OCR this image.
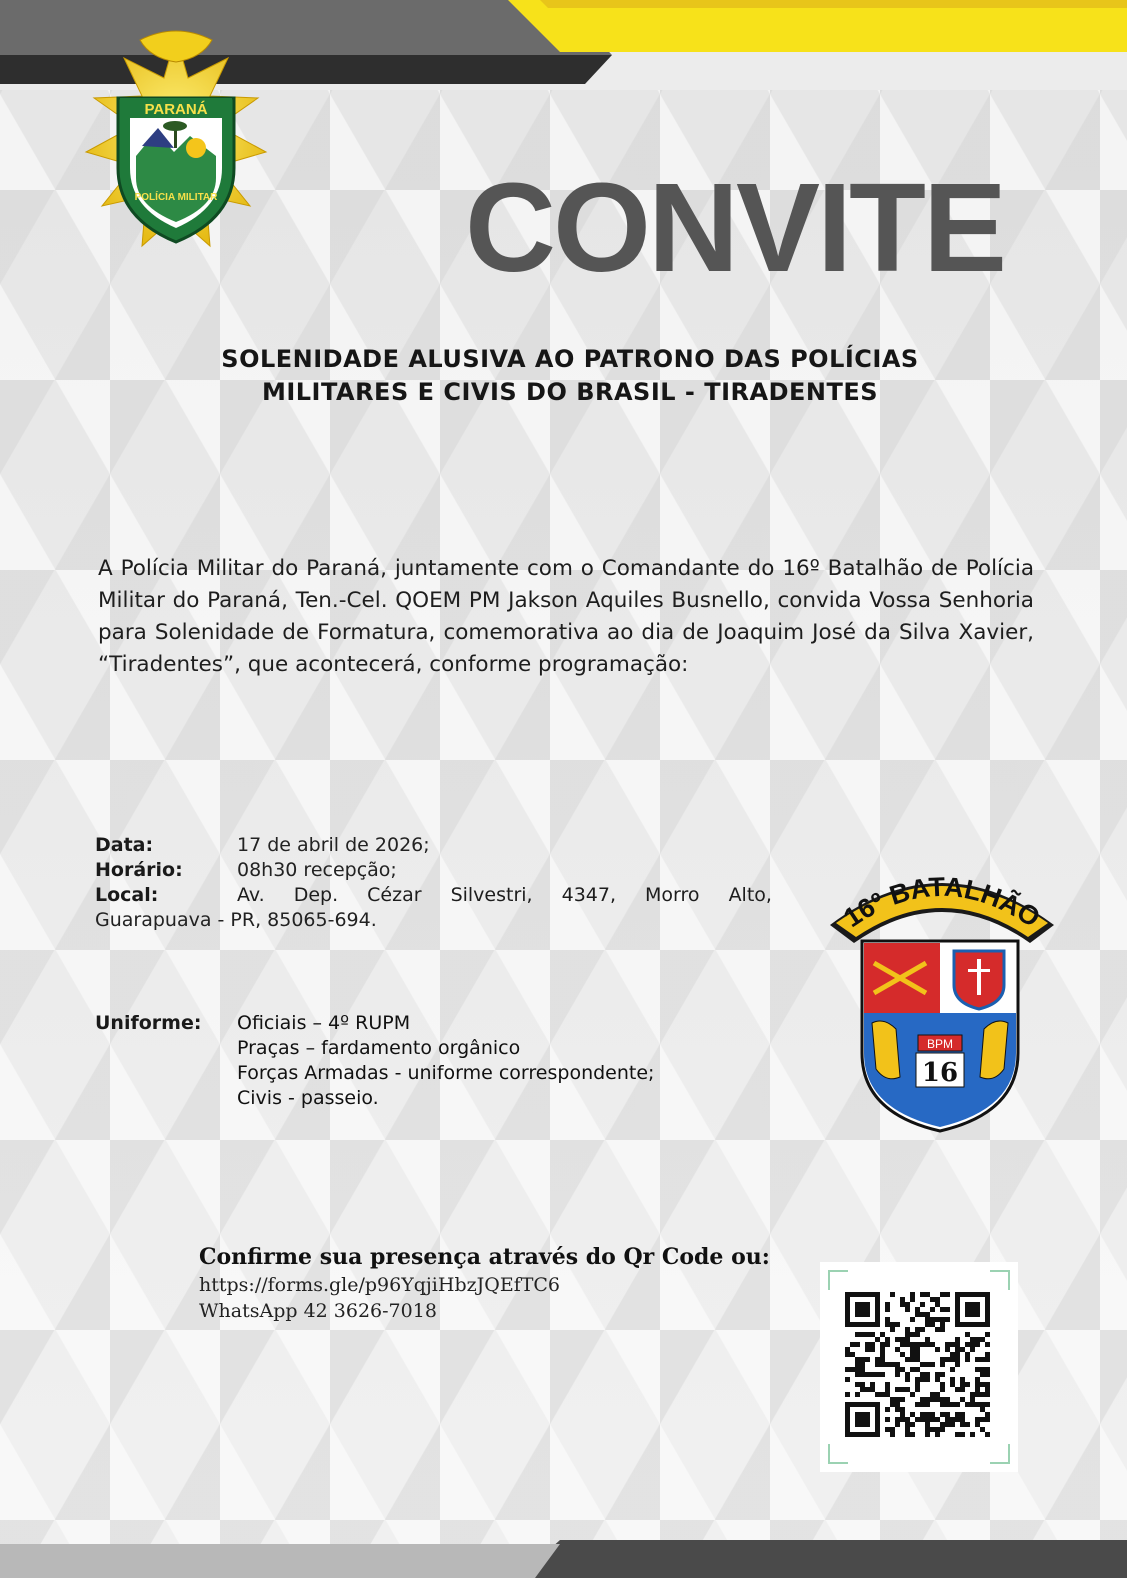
PARANÁ
POLÍCIA MILITAR CONVITE
SOLENIDADE ALUSIVA AO PATRONO DAS POLÍCIAS
MILITARES E CIVIS DO BRASIL - TIRADENTES

A Polícia Militar do Paraná, juntamente com o Comandante do 16º Batalhão de Polícia Militar do Paraná, Ten.-Cel. QOEM PM Jakson Aquiles Busnello, convida Vossa Senhoria para Solenidade de Formatura, comemorativa ao dia de Joaquim José da Silva Xavier, “Tiradentes”, que acontecerá, conforme programação:

Data:	17 de abril de 2026;
Horário:	08h30 recepção;
Local:	Av. Dep. Cézar Silvestri, 4347, Morro Alto,
Guarapuava - PR, 85065-694.
Uniforme:	Oficiais – 4º RUPM
Praças – fardamento orgânico
Forças Armadas - uniforme correspondente;
Civis - passeio.
16º BATALHÃO
BPM
16
Confirme sua presença através do Qr Code ou:
https://forms.gle/p96YqjiHbzJQEfTC6
WhatsApp 42 3626-7018
